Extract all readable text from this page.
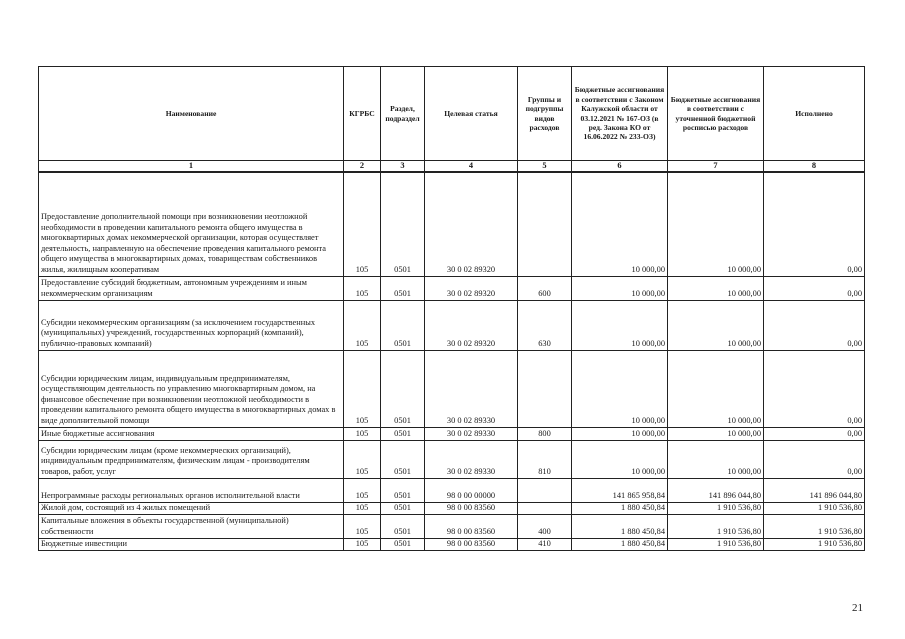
Наименование	КГРБС	Раздел, подраздел	Целевая статья	Группы и подгруппы видов расходов	Бюджетные ассигнования в соответствии с Законом Калужской области от 03.12.2021 № 167-ОЗ (в ред. Закона КО от 16.06.2022 № 233-ОЗ)	Бюджетные ассигнования в соответствии с уточненной бюджетной росписью расходов	Исполнено
1	2	3	4	5	6	7	8
Предоставление дополнительной помощи при возникновении неотложной необходимости в проведении капитального ремонта общего имущества в многоквартирных домах некоммерческой организации, которая осуществляет деятельность, направленную на обеспечение проведения капитального ремонта общего имущества в многоквартирных домах, товариществам собственников жилья, жилищным кооперативам	105	0501	30 0 02 89320		10 000,00	10 000,00	0,00
Предоставление субсидий бюджетным, автономным учреждениям и иным некоммерческим организациям	105	0501	30 0 02 89320	600	10 000,00	10 000,00	0,00
Субсидии некоммерческим организациям (за исключением государственных (муниципальных) учреждений, государственных корпораций (компаний), публично-правовых компаний)	105	0501	30 0 02 89320	630	10 000,00	10 000,00	0,00
Субсидии юридическим лицам, индивидуальным предпринимателям, осуществляющим деятельность по управлению многоквартирным домом, на финансовое обеспечение при возникновении неотложной необходимости в проведении капитального ремонта общего имущества в многоквартирных домах в виде дополнительной помощи	105	0501	30 0 02 89330		10 000,00	10 000,00	0,00
Иные бюджетные ассигнования	105	0501	30 0 02 89330	800	10 000,00	10 000,00	0,00
Субсидии юридическим лицам (кроме некоммерческих организаций), индивидуальным предпринимателям, физическим лицам - производителям товаров, работ, услуг	105	0501	30 0 02 89330	810	10 000,00	10 000,00	0,00
Непрограммные расходы региональных органов исполнительной власти	105	0501	98 0 00 00000		141 865 958,84	141 896 044,80	141 896 044,80
Жилой дом, состоящий из 4 жилых помещений	105	0501	98 0 00 83560		1 880 450,84	1 910 536,80	1 910 536,80
Капитальные вложения в объекты государственной (муниципальной) собственности	105	0501	98 0 00 83560	400	1 880 450,84	1 910 536,80	1 910 536,80
Бюджетные инвестиции	105	0501	98 0 00 83560	410	1 880 450,84	1 910 536,80	1 910 536,80
21
